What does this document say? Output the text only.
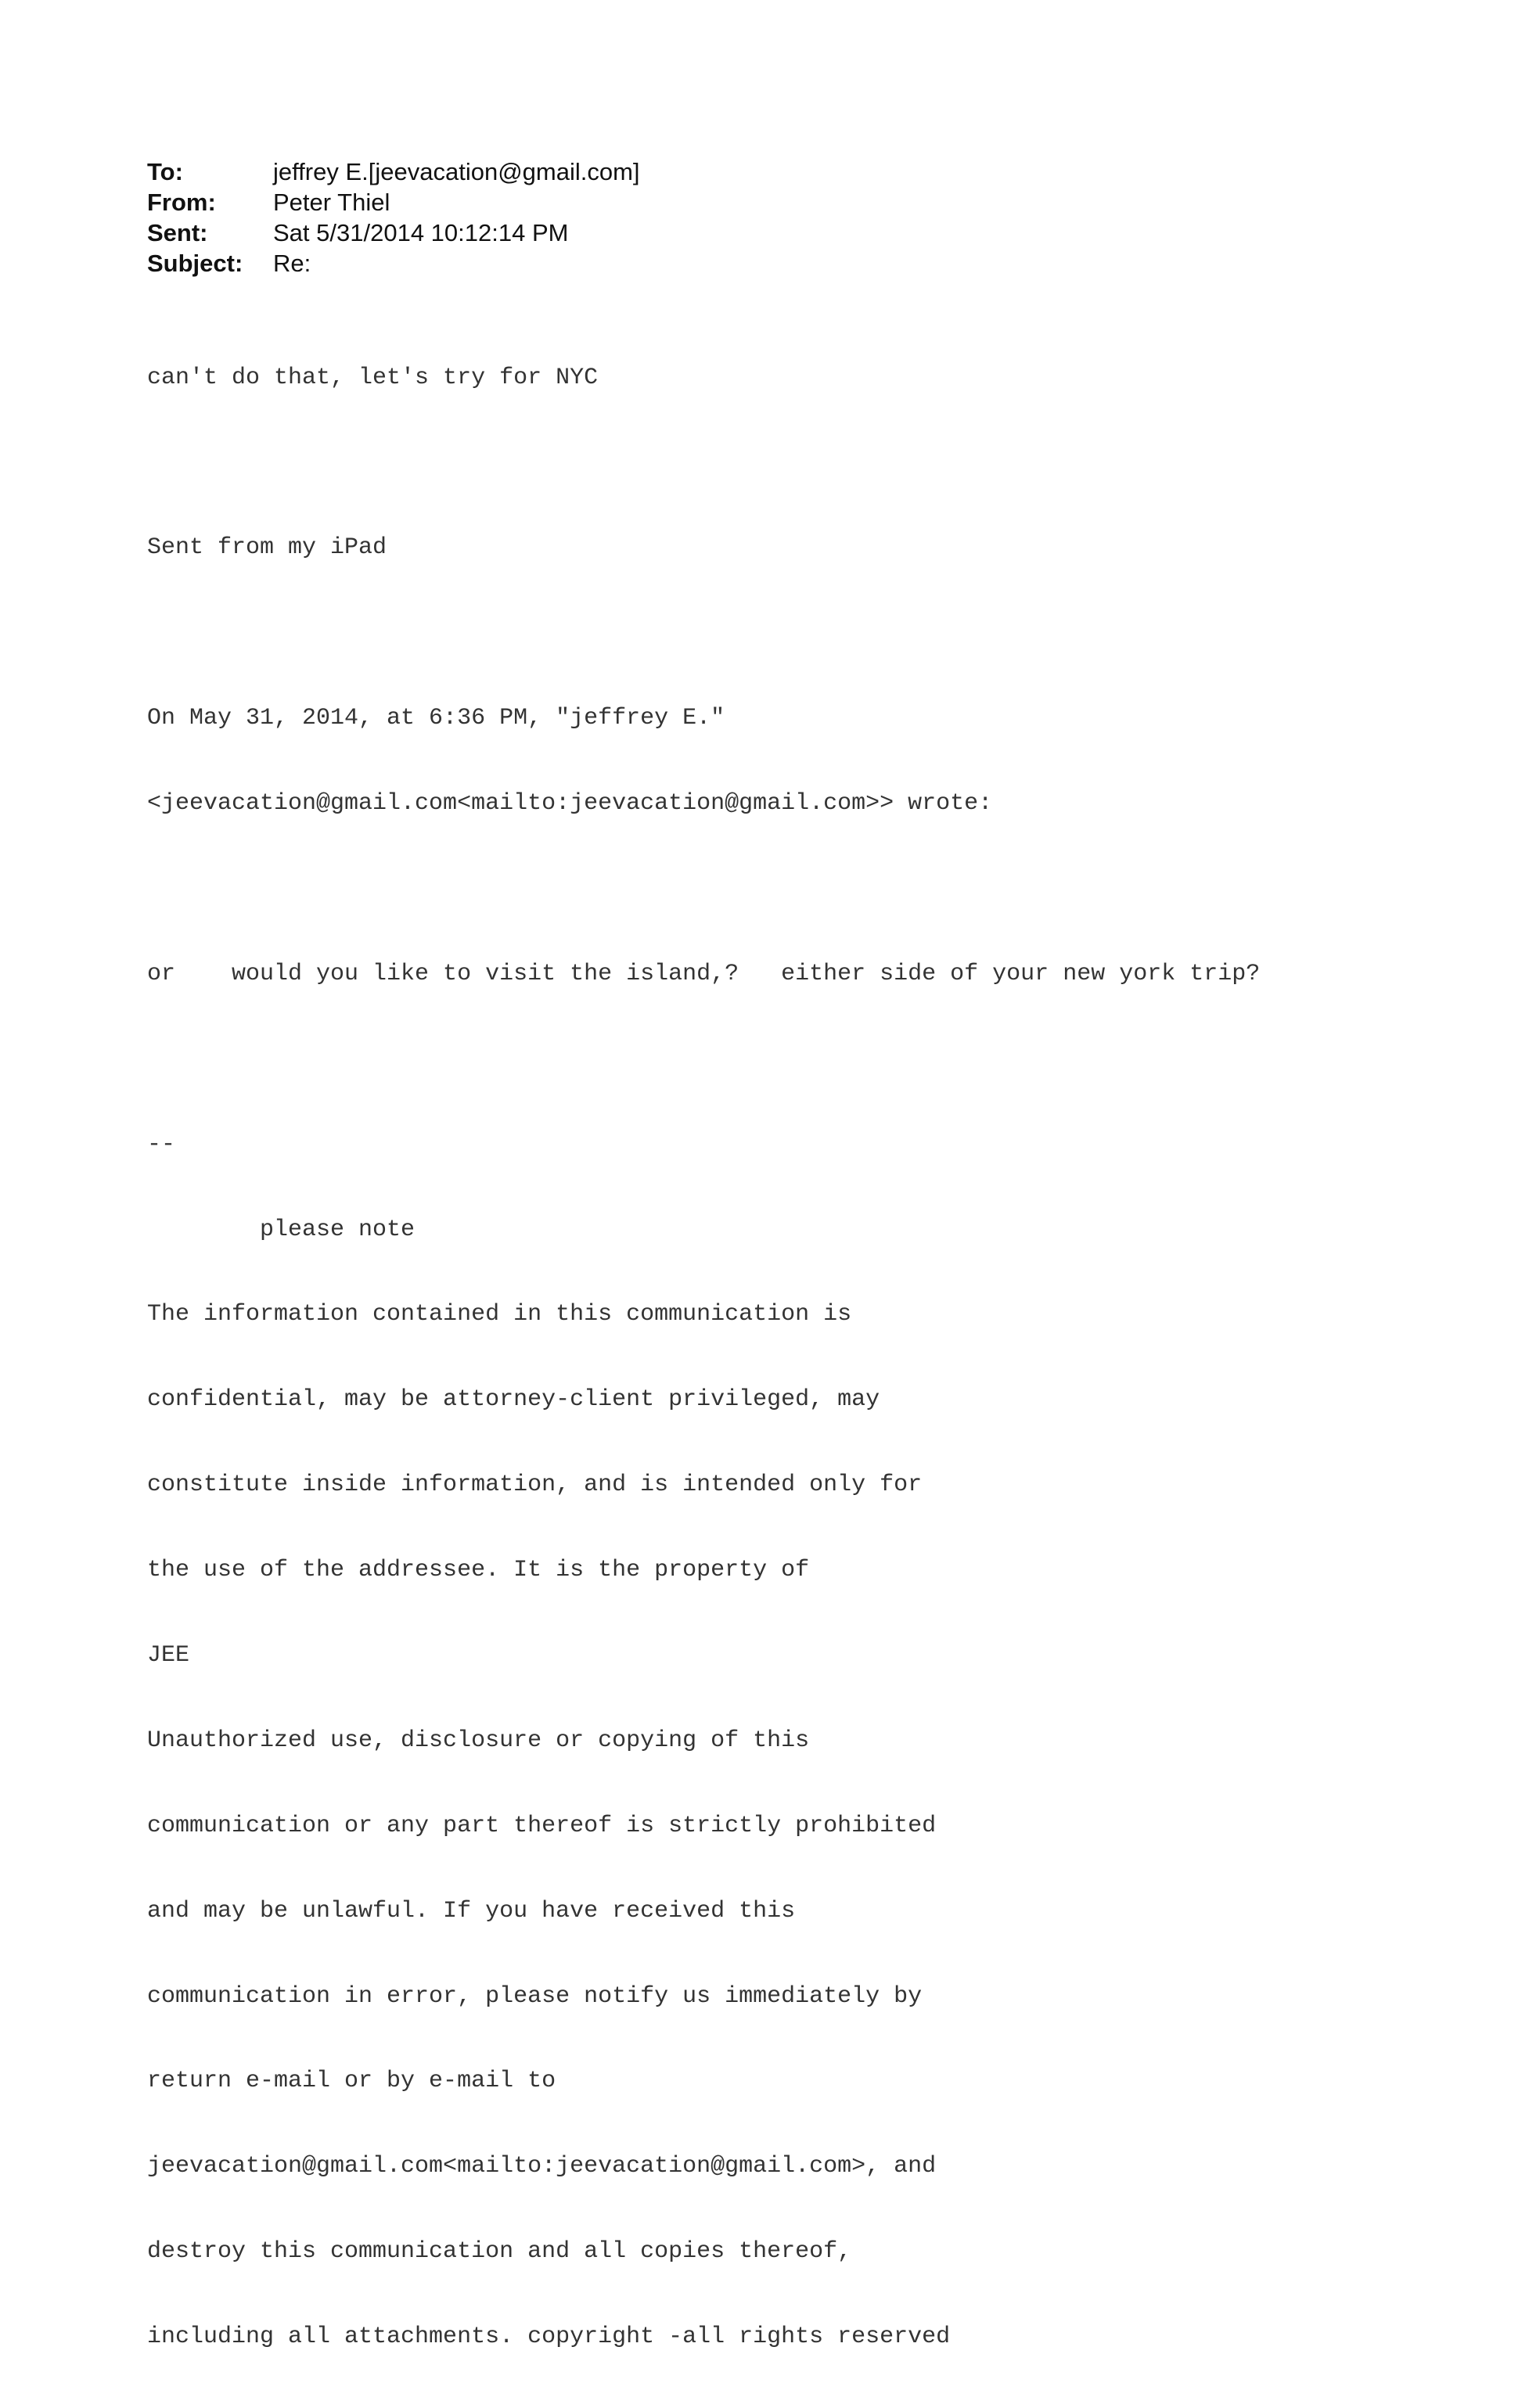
To:	jeffrey E.[jeevacation@gmail.com]
From:	Peter Thiel
Sent:	Sat 5/31/2014 10:12:14 PM
Subject:	Re:

can't do that, let's try for NYC

Sent from my iPad

On May 31, 2014, at 6:36 PM, "jeffrey E."

<jeevacation@gmail.com<mailto:jeevacation@gmail.com>> wrote:

or    would you like to visit the island,?   either side of your new york trip?

--

please note

The information contained in this communication is

confidential, may be attorney-client privileged, may

constitute inside information, and is intended only for

the use of the addressee. It is the property of

JEE

Unauthorized use, disclosure or copying of this

communication or any part thereof is strictly prohibited

and may be unlawful. If you have received this

communication in error, please notify us immediately by

return e-mail or by e-mail to

jeevacation@gmail.com<mailto:jeevacation@gmail.com>, and

destroy this communication and all copies thereof,

including all attachments. copyright -all rights reserved
